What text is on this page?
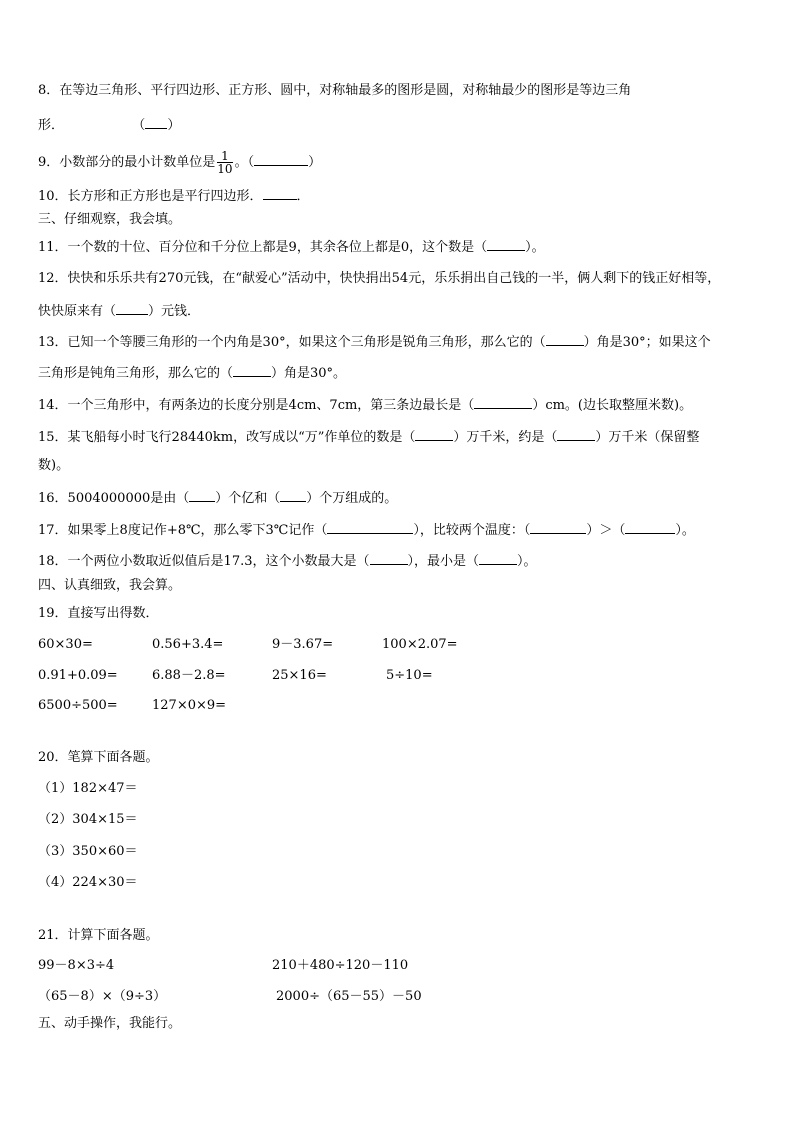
8．在等边三角形、平行四边形、正方形、圆中，对称轴最多的图形是圆，对称轴最少的图形是等边三角
形．	（ ）
9．小数部分的最小计数单位是 $\frac{1}{10}$ 。（	）
10．长方形和正方形也是平行四边形．	．
三、仔细观察，我会填。
11．一个数的十位、百分位和千分位上都是9，其余各位上都是0，这个数是（	）。
12．快快和乐乐共有270元钱，在“献爱心”活动中，快快捐出54元，乐乐捐出自己钱的一半，俩人剩下的钱正好相等，
快快原来有（ ）元钱．
13．已知一个等腰三角形的一个内角是30°，如果这个三角形是锐角三角形，那么它的（	）角是30°；如果这个
三角形是钝角三角形，那么它的（	）角是30°。
14．一个三角形中，有两条边的长度分别是4cm、7cm，第三条边最长是（	）cm。(边长取整厘米数)。
15．某飞船每小时飞行28440km，改写成以“万”作单位的数是（	）万千米，约是（	）万千米（保留整
数)。
16．5004000000是由（ ）个亿和（ ）个万组成的。
17．如果零上8度记作+8℃，那么零下3℃记作（	），比较两个温度：（	）＞（	）。
18．一个两位小数取近似值后是17.3，这个小数最大是（	），最小是（	）。
四、认真细致，我会算。
19．直接写出得数．
60×30=	0.56+3.4=	9－3.67=	100×2.07=
0.91+0.09=	6.88－2.8=	25×16=	5÷10=
6500÷500=	127×0×9=
20．笔算下面各题。
（1）182×47＝
（2）304×15＝
（3）350×60＝
（4）224×30＝
21．计算下面各题。
99－8×3÷4	210＋480÷120－110
（65－8）×（9÷3）	2000÷（65－55）－50
五、动手操作，我能行。
